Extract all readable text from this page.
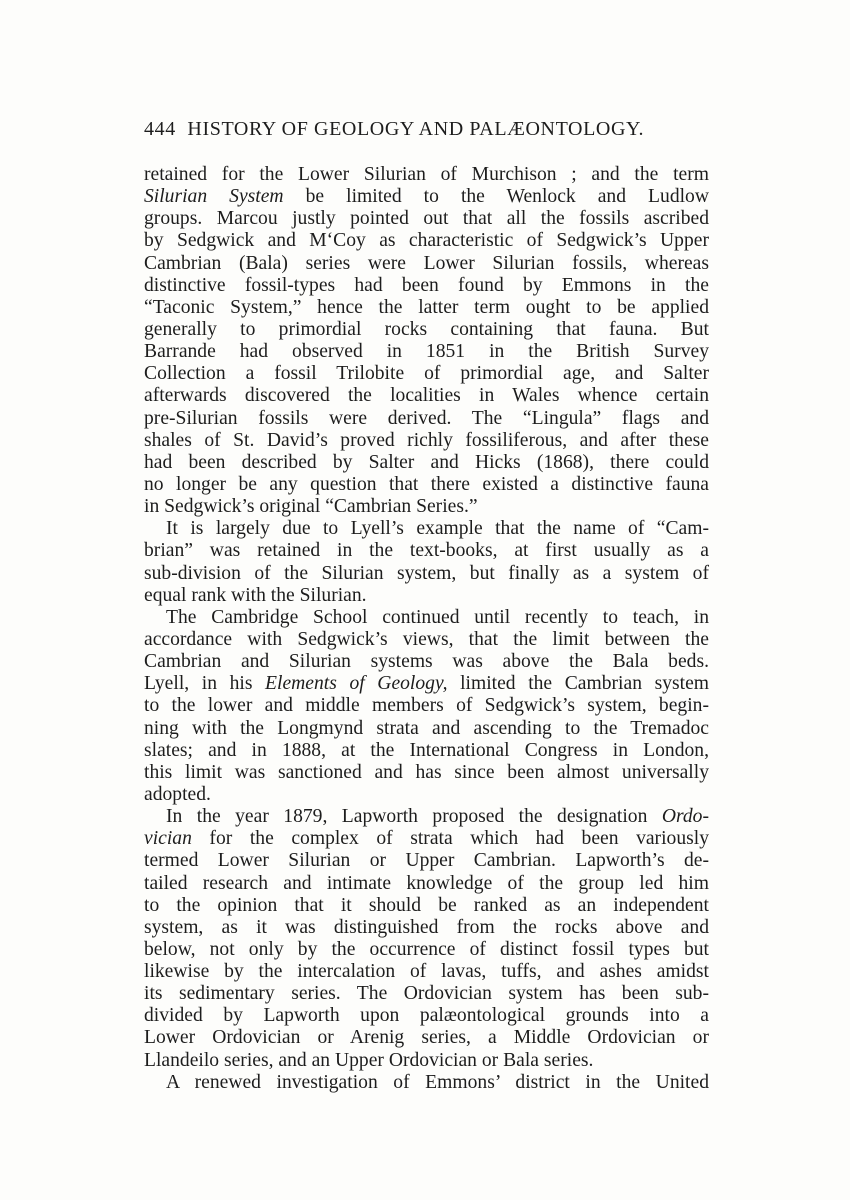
444 HISTORY OF GEOLOGY AND PALÆONTOLOGY.
retained for the Lower Silurian of Murchison ; and the term
Silurian System be limited to the Wenlock and Ludlow
groups. Marcou justly pointed out that all the fossils ascribed
by Sedgwick and M‘Coy as characteristic of Sedgwick’s Upper
Cambrian (Bala) series were Lower Silurian fossils, whereas
distinctive fossil-types had been found by Emmons in the
“Taconic System,” hence the latter term ought to be applied
generally to primordial rocks containing that fauna. But
Barrande had observed in 1851 in the British Survey
Collection a fossil Trilobite of primordial age, and Salter
afterwards discovered the localities in Wales whence certain
pre-Silurian fossils were derived. The “Lingula” flags and
shales of St. David’s proved richly fossiliferous, and after these
had been described by Salter and Hicks (1868), there could
no longer be any question that there existed a distinctive fauna
in Sedgwick’s original “Cambrian Series.”
It is largely due to Lyell’s example that the name of “Cam-
brian” was retained in the text-books, at first usually as a
sub-division of the Silurian system, but finally as a system of
equal rank with the Silurian.
The Cambridge School continued until recently to teach, in
accordance with Sedgwick’s views, that the limit between the
Cambrian and Silurian systems was above the Bala beds.
Lyell, in his Elements of Geology, limited the Cambrian system
to the lower and middle members of Sedgwick’s system, begin-
ning with the Longmynd strata and ascending to the Tremadoc
slates; and in 1888, at the International Congress in London,
this limit was sanctioned and has since been almost universally
adopted.
In the year 1879, Lapworth proposed the designation Ordo-
vician for the complex of strata which had been variously
termed Lower Silurian or Upper Cambrian. Lapworth’s de-
tailed research and intimate knowledge of the group led him
to the opinion that it should be ranked as an independent
system, as it was distinguished from the rocks above and
below, not only by the occurrence of distinct fossil types but
likewise by the intercalation of lavas, tuffs, and ashes amidst
its sedimentary series. The Ordovician system has been sub-
divided by Lapworth upon palæontological grounds into a
Lower Ordovician or Arenig series, a Middle Ordovician or
Llandeilo series, and an Upper Ordovician or Bala series.
A renewed investigation of Emmons’ district in the United
